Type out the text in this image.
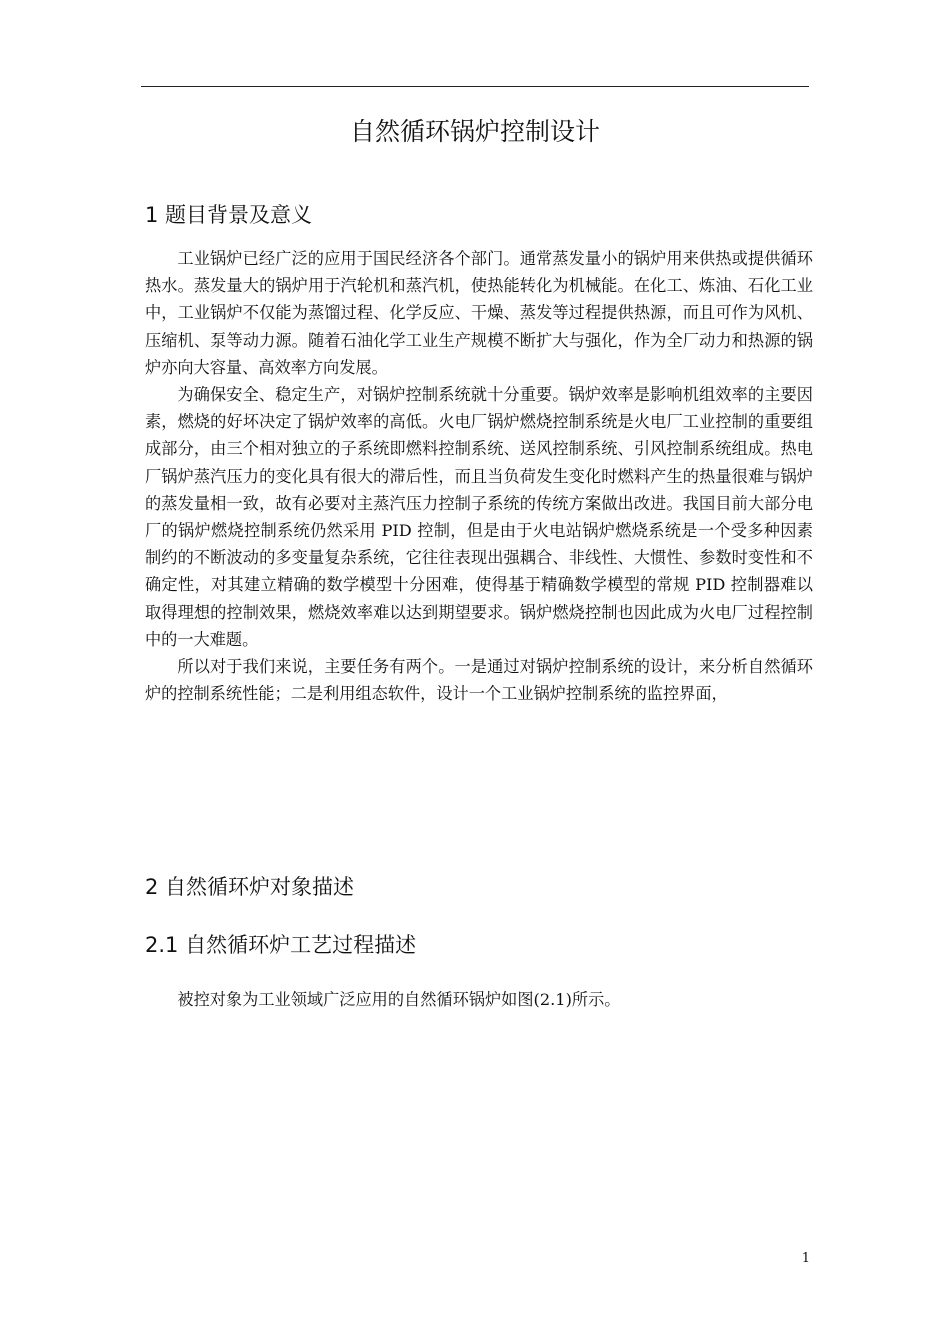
自然循环锅炉控制设计
1 题目背景及意义

工业锅炉已经广泛的应用于国民经济各个部门。通常蒸发量小的锅炉用来供热或提供循环热水。蒸发量大的锅炉用于汽轮机和蒸汽机，使热能转化为机械能。在化工、炼油、石化工业中，工业锅炉不仅能为蒸馏过程、化学反应、干燥、蒸发等过程提供热源，而且可作为风机、压缩机、泵等动力源。随着石油化学工业生产规模不断扩大与强化，作为全厂动力和热源的锅炉亦向大容量、高效率方向发展。

为确保安全、稳定生产，对锅炉控制系统就十分重要。锅炉效率是影响机组效率的主要因素，燃烧的好坏决定了锅炉效率的高低。火电厂锅炉燃烧控制系统是火电厂工业控制的重要组成部分，由三个相对独立的子系统即燃料控制系统、送风控制系统、引风控制系统组成。热电厂锅炉蒸汽压力的变化具有很大的滞后性，而且当负荷发生变化时燃料产生的热量很难与锅炉的蒸发量相一致，故有必要对主蒸汽压力控制子系统的传统方案做出改进。我国目前大部分电厂的锅炉燃烧控制系统仍然采用 PID 控制，但是由于火电站锅炉燃烧系统是一个受多种因素制约的不断波动的多变量复杂系统，它往往表现出强耦合、非线性、大惯性、参数时变性和不确定性，对其建立精确的数学模型十分困难，使得基于精确数学模型的常规 PID 控制器难以取得理想的控制效果，燃烧效率难以达到期望要求。锅炉燃烧控制也因此成为火电厂过程控制中的一大难题。

所以对于我们来说，主要任务有两个。一是通过对锅炉控制系统的设计，来分析自然循环炉的控制系统性能；二是利用组态软件，设计一个工业锅炉控制系统的监控界面，

2 自然循环炉对象描述
2.1 自然循环炉工艺过程描述

被控对象为工业领域广泛应用的自然循环锅炉如图(2.1)所示。

1
